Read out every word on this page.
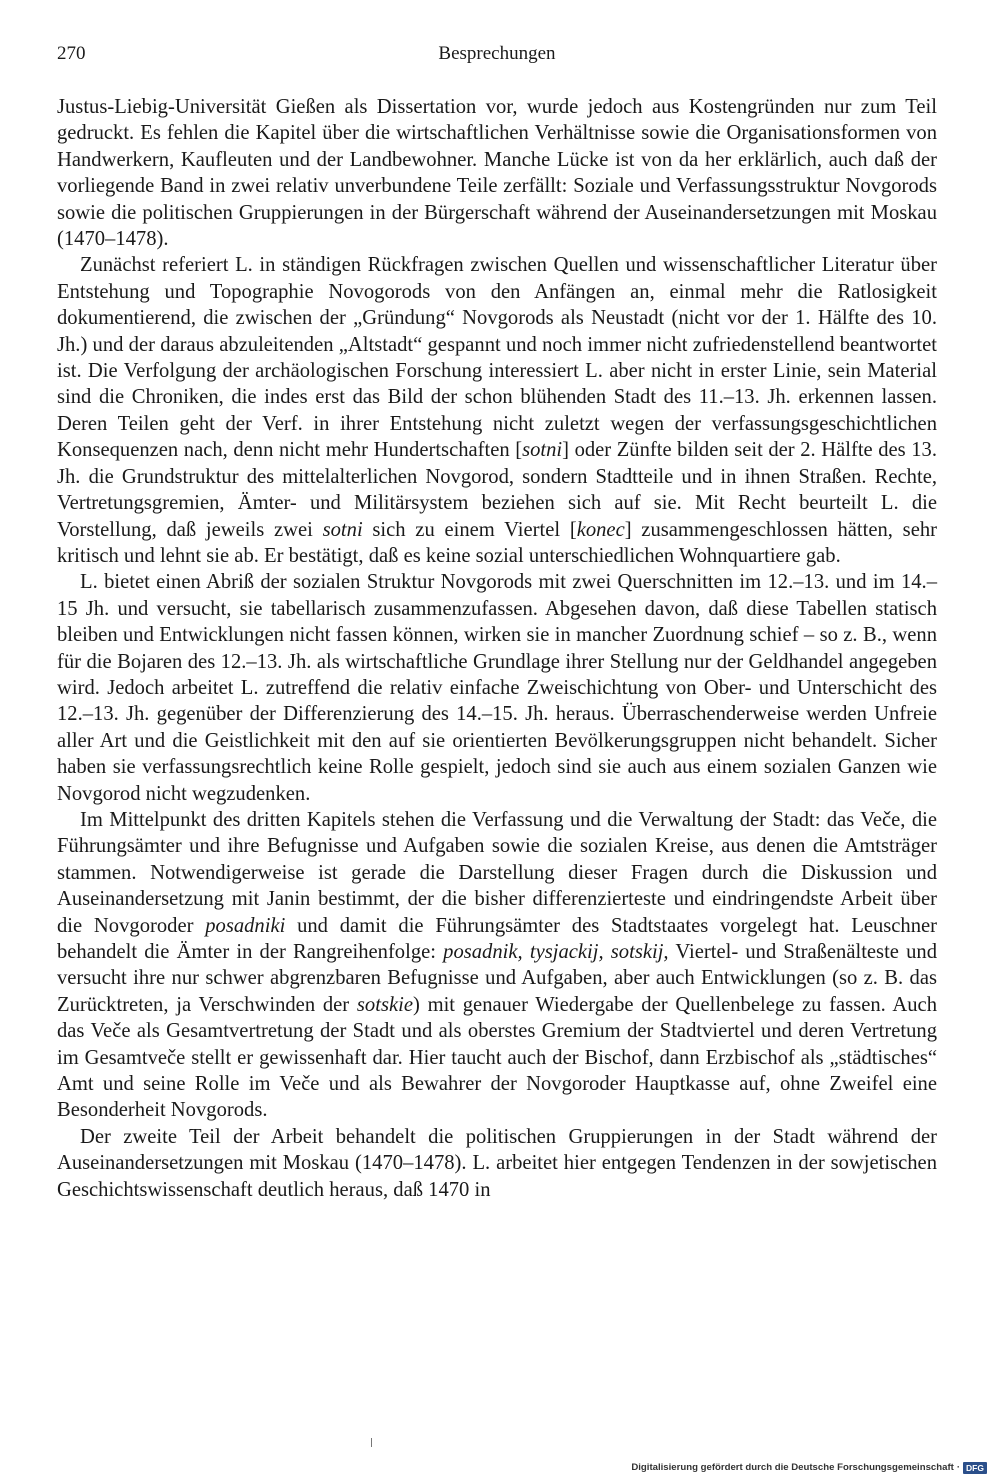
270	Besprechungen

Justus-Liebig-Universität Gießen als Dissertation vor, wurde jedoch aus Kostengründen nur zum Teil gedruckt. Es fehlen die Kapitel über die wirtschaftlichen Verhältnisse sowie die Organisationsformen von Handwerkern, Kaufleuten und der Landbewohner. Manche Lücke ist von da her erklärlich, auch daß der vorliegende Band in zwei relativ unverbundene Teile zerfällt: Soziale und Verfassungsstruktur Novgorods sowie die politischen Gruppierungen in der Bürgerschaft während der Auseinandersetzungen mit Moskau (1470–1478).

Zunächst referiert L. in ständigen Rückfragen zwischen Quellen und wissenschaftlicher Literatur über Entstehung und Topographie Novogorods von den Anfängen an, einmal mehr die Ratlosigkeit dokumentierend, die zwischen der „Gründung“ Novgorods als Neustadt (nicht vor der 1. Hälfte des 10. Jh.) und der daraus abzuleitenden „Altstadt“ gespannt und noch immer nicht zufriedenstellend beantwortet ist. Die Verfolgung der archäologischen Forschung interessiert L. aber nicht in erster Linie, sein Material sind die Chroniken, die indes erst das Bild der schon blühenden Stadt des 11.–13. Jh. erkennen lassen. Deren Teilen geht der Verf. in ihrer Entstehung nicht zuletzt wegen der verfassungsgeschichtlichen Konsequenzen nach, denn nicht mehr Hundertschaften [sotni] oder Zünfte bilden seit der 2. Hälfte des 13. Jh. die Grundstruktur des mittelalterlichen Novgorod, sondern Stadtteile und in ihnen Straßen. Rechte, Vertretungsgremien, Ämter- und Militärsystem beziehen sich auf sie. Mit Recht beurteilt L. die Vorstellung, daß jeweils zwei sotni sich zu einem Viertel [konec] zusammengeschlossen hätten, sehr kritisch und lehnt sie ab. Er bestätigt, daß es keine sozial unterschiedlichen Wohnquartiere gab.

L. bietet einen Abriß der sozialen Struktur Novgorods mit zwei Querschnitten im 12.–13. und im 14.–15 Jh. und versucht, sie tabellarisch zusammenzufassen. Abgesehen davon, daß diese Tabellen statisch bleiben und Entwicklungen nicht fassen können, wirken sie in mancher Zuordnung schief – so z. B., wenn für die Bojaren des 12.–13. Jh. als wirtschaftliche Grundlage ihrer Stellung nur der Geldhandel angegeben wird. Jedoch arbeitet L. zutreffend die relativ einfache Zweischichtung von Ober- und Unterschicht des 12.–13. Jh. gegenüber der Differenzierung des 14.–15. Jh. heraus. Überraschenderweise werden Unfreie aller Art und die Geistlichkeit mit den auf sie orientierten Bevölkerungsgruppen nicht behandelt. Sicher haben sie verfassungsrechtlich keine Rolle gespielt, jedoch sind sie auch aus einem sozialen Ganzen wie Novgorod nicht wegzudenken.

Im Mittelpunkt des dritten Kapitels stehen die Verfassung und die Verwaltung der Stadt: das Veče, die Führungsämter und ihre Befugnisse und Aufgaben sowie die sozialen Kreise, aus denen die Amtsträger stammen. Notwendigerweise ist gerade die Darstellung dieser Fragen durch die Diskussion und Auseinandersetzung mit Janin bestimmt, der die bisher differenzierteste und eindringendste Arbeit über die Novgoroder posadniki und damit die Führungsämter des Stadtstaates vorgelegt hat. Leuschner behandelt die Ämter in der Rangreihenfolge: posadnik, tysjackij, sotskij, Viertel- und Straßenälteste und versucht ihre nur schwer abgrenzbaren Befugnisse und Aufgaben, aber auch Entwicklungen (so z. B. das Zurücktreten, ja Verschwinden der sotskie) mit genauer Wiedergabe der Quellenbelege zu fassen. Auch das Veče als Gesamtvertretung der Stadt und als oberstes Gremium der Stadtviertel und deren Vertretung im Gesamtveče stellt er gewissenhaft dar. Hier taucht auch der Bischof, dann Erzbischof als „städtisches“ Amt und seine Rolle im Veče und als Bewahrer der Novgoroder Hauptkasse auf, ohne Zweifel eine Besonderheit Novgorods.

Der zweite Teil der Arbeit behandelt die politischen Gruppierungen in der Stadt während der Auseinandersetzungen mit Moskau (1470–1478). L. arbeitet hier entgegen Tendenzen in der sowjetischen Geschichtswissenschaft deutlich heraus, daß 1470 in

Digitalisierung gefördert durch die Deutsche Forschungsgemeinschaft · DFG
